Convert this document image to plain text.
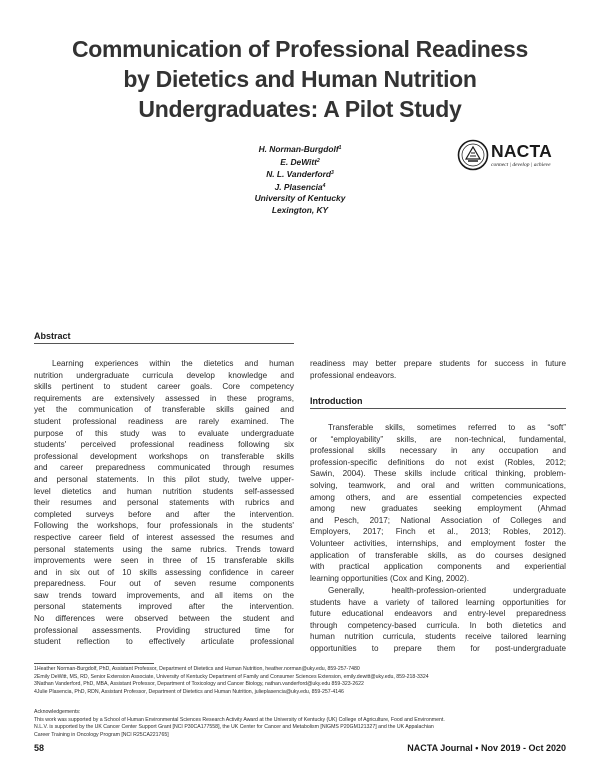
Communication of Professional Readiness
by Dietetics and Human Nutrition
Undergraduates: A Pilot Study
H. Norman-Burgdolf$^1$
E. DeWitt$^2$
N. L. Vanderford$^3$
J. Plasencia$^4$
University of Kentucky
Lexington, KY
NACTA
connect | develop | achieve
Abstract
Learning experiences within the dietetics and human
nutrition undergraduate curricula develop knowledge and
skills pertinent to student career goals. Core competency
requirements are extensively assessed in these programs,
yet the communication of transferable skills gained and
student professional readiness are rarely examined. The
purpose of this study was to evaluate undergraduate
students' perceived professional readiness following six
professional development workshops on transferable skills
and career preparedness communicated through resumes
and personal statements. In this pilot study, twelve upper-
level dietetics and human nutrition students self-assessed
their resumes and personal statements with rubrics and
completed surveys before and after the intervention.
Following the workshops, four professionals in the students'
respective career field of interest assessed the resumes and
personal statements using the same rubrics. Trends toward
improvements were seen in three of 15 transferable skills
and in six out of 10 skills assessing confidence in career
preparedness. Four out of seven resume components
saw trends toward improvements, and all items on the
personal statements improved after the intervention.
No differences were observed between the student and
professional assessments. Providing structured time for
student reflection to effectively articulate professional
readiness may better prepare students for success in future
professional endeavors.
Introduction
Transferable skills, sometimes referred to as “soft”
or “employability” skills, are non-technical, fundamental,
professional skills necessary in any occupation and
profession-specific definitions do not exist (Robles, 2012;
Sawin, 2004). These skills include critical thinking, problem-
solving, teamwork, and oral and written communications,
among others, and are essential competencies expected
among new graduates seeking employment (Ahmad
and Pesch, 2017; National Association of Colleges and
Employers, 2017; Finch et al., 2013; Robles, 2012).
Volunteer activities, internships, and employment foster the
application of transferable skills, as do courses designed
with practical application components and experiential
learning opportunities (Cox and King, 2002).
Generally, health-profession-oriented undergraduate
students have a variety of tailored learning opportunities for
future educational endeavors and entry-level preparedness
through competency-based curricula. In both dietetics and
human nutrition curricula, students receive tailored learning
opportunities to prepare them for post-undergraduate
1Heather Norman-Burgdolf, PhD, Assistant Professor, Department of Dietetics and Human Nutrition, heather.norman@uky.edu, 859-257-7480
2Emily DeWitt, MS, RD, Senior Extension Associate, University of Kentucky Department of Family and Consumer Sciences Extension, emily.dewitt@uky.edu, 859-218-3324
3Nathan Vanderford, PhD, MBA, Assistant Professor, Department of Toxicology and Cancer Biology, nathan.vanderford@uky.edu 859-323-2622
4Julie Plasencia, PhD, RDN, Assistant Professor, Department of Dietetics and Human Nutrition, julieplasencia@uky.edu, 859-257-4146
Acknowledgements:
This work was supported by a School of Human Environmental Sciences Research Activity Award at the University of Kentucky (UK) College of Agriculture, Food and Environment.
N.L.V. is supported by the UK Cancer Center Support Grant [NCI P30CA177558], the UK Center for Cancer and Metabolism [NIGMS P20GM121327] and the UK Appalachian
Career Training in Oncology Program [NCI R25CA221765]
58	NACTA Journal • Nov 2019 - Oct 2020
